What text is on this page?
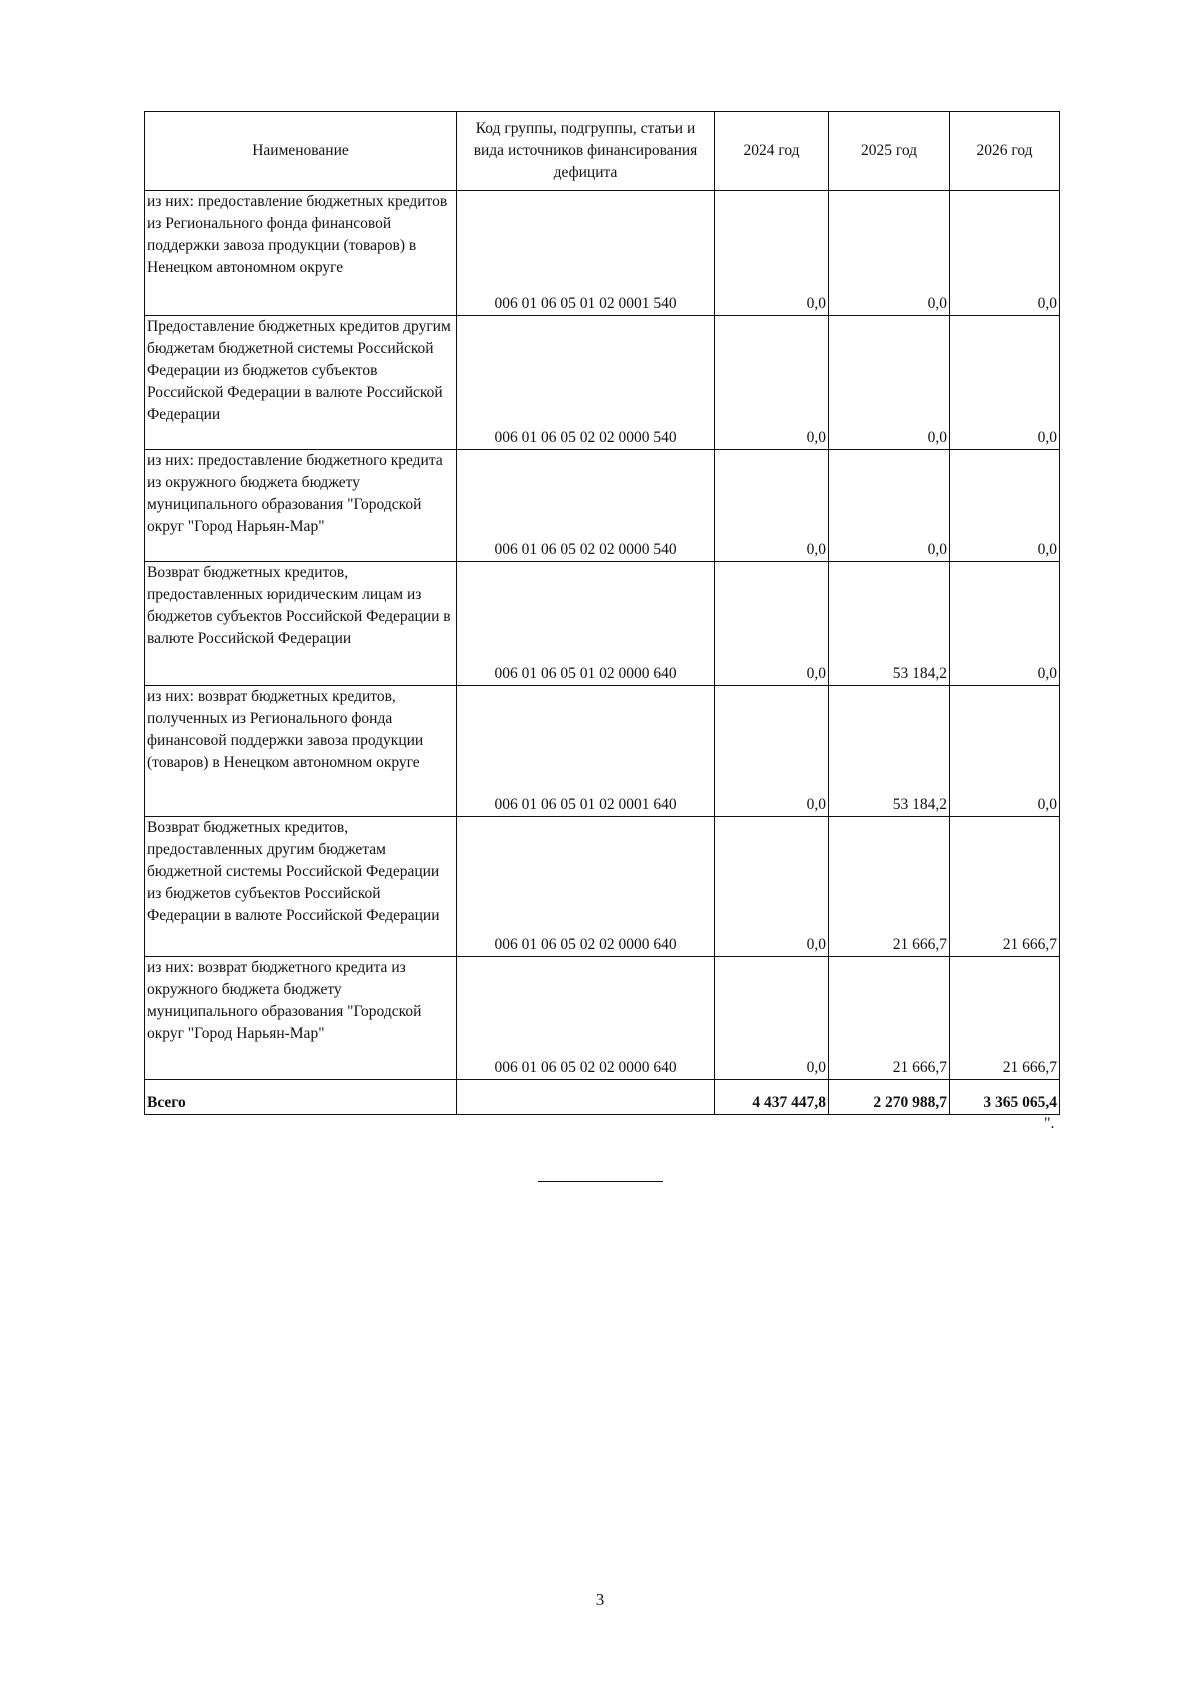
Наименование	Код группы, подгруппы, статьи и вида источников финансирования дефицита	2024 год	2025 год	2026 год
из них: предоставление бюджетных кредитов из Регионального фонда финансовой поддержки завоза продукции (товаров) в Ненецком автономном округе	006 01 06 05 01 02 0001 540	0,0	0,0	0,0
Предоставление бюджетных кредитов другим бюджетам бюджетной системы Российской Федерации из бюджетов субъектов Российской Федерации в валюте Российской Федерации	006 01 06 05 02 02 0000 540	0,0	0,0	0,0
из них: предоставление бюджетного кредита из окружного бюджета бюджету муниципального образования "Городской округ "Город Нарьян-Мар"	006 01 06 05 02 02 0000 540	0,0	0,0	0,0
Возврат бюджетных кредитов, предоставленных юридическим лицам из бюджетов субъектов Российской Федерации в валюте Российской Федерации	006 01 06 05 01 02 0000 640	0,0	53 184,2	0,0
из них: возврат бюджетных кредитов, полученных из Регионального фонда финансовой поддержки завоза продукции (товаров) в Ненецком автономном округе	006 01 06 05 01 02 0001 640	0,0	53 184,2	0,0
Возврат бюджетных кредитов, предоставленных другим бюджетам бюджетной системы Российской Федерации из бюджетов субъектов Российской Федерации в валюте Российской Федерации	006 01 06 05 02 02 0000 640	0,0	21 666,7	21 666,7
из них: возврат бюджетного кредита из окружного бюджета бюджету муниципального образования "Городской округ "Город Нарьян-Мар"	006 01 06 05 02 02 0000 640	0,0	21 666,7	21 666,7
Всего		4 437 447,8	2 270 988,7	3 365 065,4
".
3
